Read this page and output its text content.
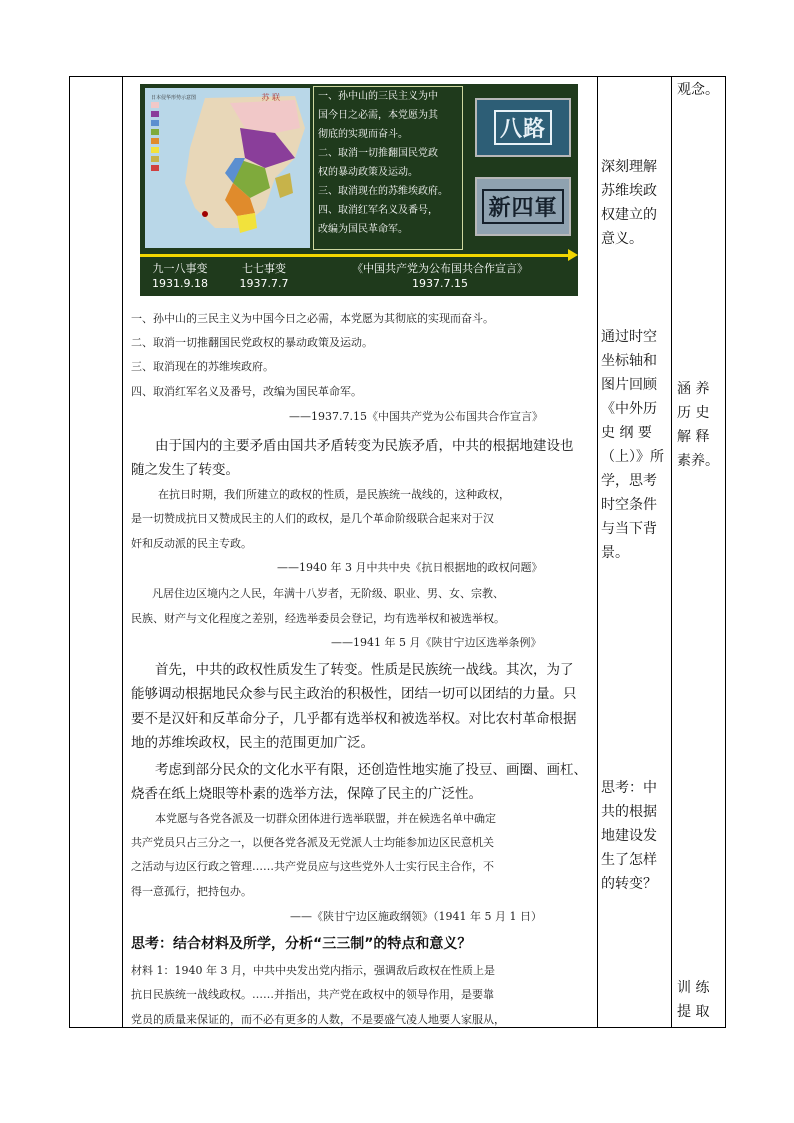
苏 联
日本侵华形势示意图	一、孙中山的三民主义为中

国今日之必需，本党愿为其

彻底的实现而奋斗。

二、取消一切推翻国民党政

权的暴动政策及运动。

三、取消现在的苏维埃政府。

四、取消红军名义及番号，

改编为国民革命军。

八路
新四軍
九一八事变
1931.9.18
七七事变
1937.7.7
《中国共产党为公布国共合作宣言》
1937.7.15
一、孙中山的三民主义为中国今日之必需，本党愿为其彻底的实现而奋斗。
二、取消一切推翻国民党政权的暴动政策及运动。
三、取消现在的苏维埃政府。
四、取消红军名义及番号，改编为国民革命军。
——1937.7.15《中国共产党为公布国共合作宣言》
由于国内的主要矛盾由国共矛盾转变为民族矛盾，中共的根据地建设也
随之发生了转变。
在抗日时期，我们所建立的政权的性质，是民族统一战线的，这种政权，
是一切赞成抗日又赞成民主的人们的政权，是几个革命阶级联合起来对于汉
奸和反动派的民主专政。
——1940 年 3 月中共中央《抗日根据地的政权问题》
凡居住边区境内之人民，年满十八岁者，无阶级、职业、男、女、宗教、
民族、财产与文化程度之差别，经选举委员会登记，均有选举权和被选举权。
——1941 年 5 月《陕甘宁边区选举条例》
首先，中共的政权性质发生了转变。性质是民族统一战线。其次，为了
能够调动根据地民众参与民主政治的积极性，团结一切可以团结的力量。只
要不是汉奸和反革命分子，几乎都有选举权和被选举权。对比农村革命根据
地的苏维埃政权，民主的范围更加广泛。
考虑到部分民众的文化水平有限，还创造性地实施了投豆、画圈、画杠、
烧香在纸上烧眼等朴素的选举方法，保障了民主的广泛性。
本党愿与各党各派及一切群众团体进行选举联盟，并在候选名单中确定
共产党员只占三分之一，以便各党各派及无党派人士均能参加边区民意机关
之活动与边区行政之管理……共产党员应与这些党外人士实行民主合作，不
得一意孤行，把持包办。
——《陕甘宁边区施政纲领》（1941 年 5 月 1 日）
思考：结合材料及所学，分析“三三制”的特点和意义？
材料 1：1940 年 3 月，中共中央发出党内指示，强调敌后政权在性质上是
抗日民族统一战线政权。……并指出，共产党在政权中的领导作用，是要靠
党员的质量来保证的，而不必有更多的人数，不是要盛气凌人地要人家服从，
深刻理解
苏维埃政
权建立的
意义。
通过时空
坐标轴和
图片回顾
《中外历
史 纲 要
（上）》所
学，思考
时空条件
与当下背
景。
思考：中
共的根据
地建设发
生了怎样
的转变？
观念。
涵 养
历 史
解 释
素养。
训 练
提 取
